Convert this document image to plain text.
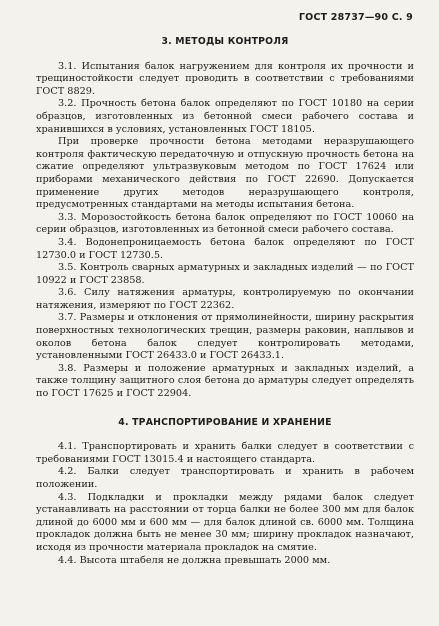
ГОСТ 28737—90 С. 9
3. МЕТОДЫ КОНТРОЛЯ

3.1. Испытания балок нагружением для контроля их прочности и трещиностойкости следует проводить в соответствии с требованиями ГОСТ 8829.

3.2. Прочность бетона балок определяют по ГОСТ 10180 на серии образцов, изготовленных из бетонной смеси рабочего состава и хранившихся в условиях, установленных ГОСТ 18105.

При проверке прочности бетона методами неразрушающего контроля фактическую передаточную и отпускную прочность бетона на сжатие определяют ультразвуковым методом по ГОСТ 17624 или приборами механического действия по ГОСТ 22690. Допускается применение других методов неразрушающего контроля, предусмотренных стандартами на методы испытания бетона.

3.3. Морозостойкость бетона балок определяют по ГОСТ 10060 на серии образцов, изготовленных из бетонной смеси рабочего состава.

3.4. Водонепроницаемость бетона балок определяют по ГОСТ 12730.0 и ГОСТ 12730.5.

3.5. Контроль сварных арматурных и закладных изделий — по ГОСТ 10922 и ГОСТ 23858.

3.6. Силу натяжения арматуры, контролируемую по окончании натяжения, измеряют по ГОСТ 22362.

3.7. Размеры и отклонения от прямолинейности, ширину раскрытия поверхностных технологических трещин, размеры раковин, наплывов и околов бетона балок следует контролировать методами, установленными ГОСТ 26433.0 и ГОСТ 26433.1.

3.8. Размеры и положение арматурных и закладных изделий, а также толщину защитного слоя бетона до арматуры следует определять по ГОСТ 17625 и ГОСТ 22904.

4. ТРАНСПОРТИРОВАНИЕ И ХРАНЕНИЕ

4.1. Транспортировать и хранить балки следует в соответствии с требованиями ГОСТ 13015.4 и настоящего стандарта.

4.2. Балки следует транспортировать и хранить в рабочем положении.

4.3. Подкладки и прокладки между рядами балок следует устанавливать на расстоянии от торца балки не более 300 мм для балок длиной до 6000 мм и 600 мм — для балок длиной св. 6000 мм. Толщина прокладок должна быть не менее 30 мм; ширину прокладок назначают, исходя из прочности материала прокладок на смятие.

4.4. Высота штабеля не должна превышать 2000 мм.
